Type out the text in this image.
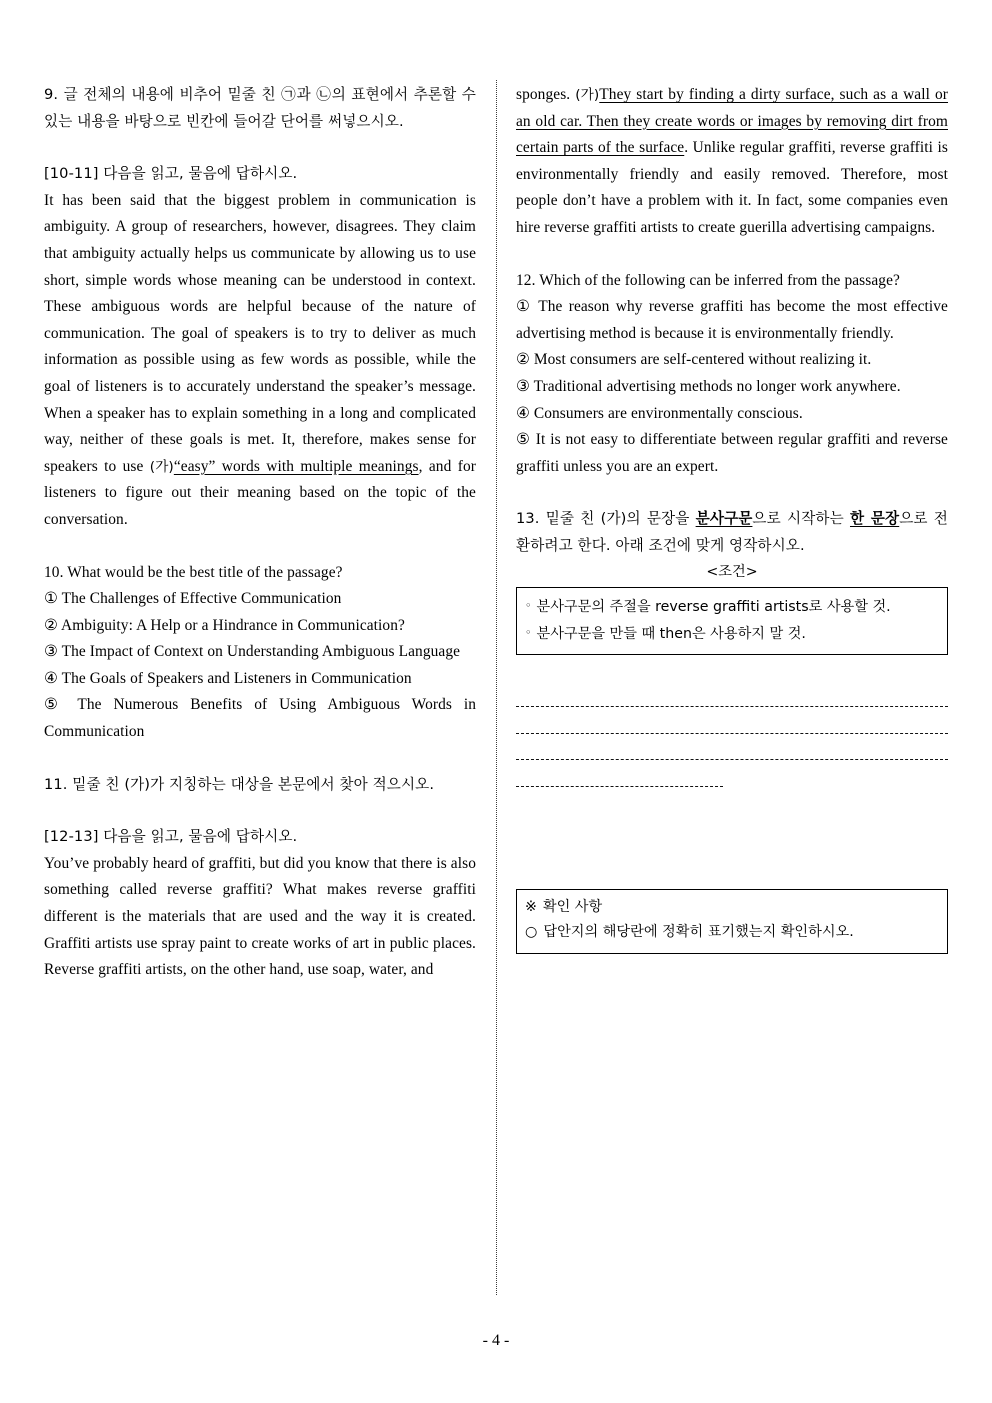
9. 글 전체의 내용에 비추어 밑줄 친 ㉠과 ㉡의 표현에서 추론할 수 있는 내용을 바탕으로 빈칸에 들어갈 단어를 써넣으시오.

[10-11] 다음을 읽고, 물음에 답하시오.

It has been said that the biggest problem in communication is ambiguity. A group of researchers, however, disagrees. They claim that ambiguity actually helps us communicate by allowing us to use short, simple words whose meaning can be understood in context. These ambiguous words are helpful because of the nature of communication. The goal of speakers is to try to deliver as much information as possible using as few words as possible, while the goal of listeners is to accurately understand the speaker’s message. When a speaker has to explain something in a long and complicated way, neither of these goals is met. It, therefore, makes sense for speakers to use (가)“easy” words with multiple meanings, and for listeners to figure out their meaning based on the topic of the conversation.

10. What would be the best title of the passage?

① The Challenges of Effective Communication

② Ambiguity: A Help or a Hindrance in Communication?

③ The Impact of Context on Understanding Ambiguous Language

④ The Goals of Speakers and Listeners in Communication

⑤ The Numerous Benefits of Using Ambiguous Words in Communication

11. 밑줄 친 (가)가 지칭하는 대상을 본문에서 찾아 적으시오.

[12-13] 다음을 읽고, 물음에 답하시오.

You’ve probably heard of graffiti, but did you know that there is also something called reverse graffiti? What makes reverse graffiti different is the materials that are used and the way it is created. Graffiti artists use spray paint to create works of art in public places. Reverse graffiti artists, on the other hand, use soap, water, and

sponges. (가)They start by finding a dirty surface, such as a wall or an old car. Then they create words or images by removing dirt from certain parts of the surface. Unlike regular graffiti, reverse graffiti is environmentally friendly and easily removed. Therefore, most people don’t have a problem with it. In fact, some companies even hire reverse graffiti artists to create guerilla advertising campaigns.

12. Which of the following can be inferred from the passage?

① The reason why reverse graffiti has become the most effective advertising method is because it is environmentally friendly.

② Most consumers are self-centered without realizing it.

③ Traditional advertising methods no longer work anywhere.

④ Consumers are environmentally conscious.

⑤ It is not easy to differentiate between regular graffiti and reverse graffiti unless you are an expert.

13. 밑줄 친 (가)의 문장을 분사구문으로 시작하는 한 문장으로 전환하려고 한다. 아래 조건에 맞게 영작하시오.

<조건>
◦ 분사구문의 주절을 reverse graffiti artists로 사용할 것.
◦ 분사구문을 만들 때 then은 사용하지 말 것.
※ 확인 사항
○ 답안지의 해당란에 정확히 표기했는지 확인하시오.
- 4 -
